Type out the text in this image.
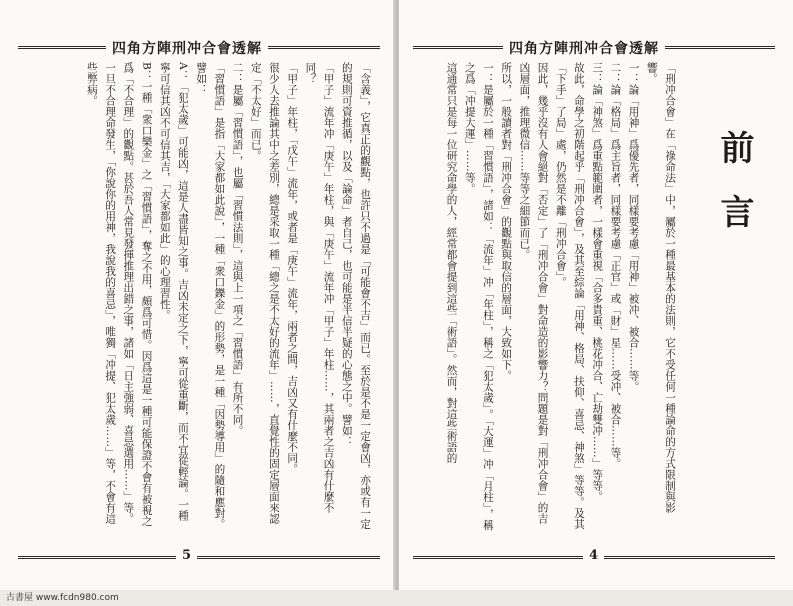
四角方陣刑冲合會透解

「含義」，它真正的觀點，也許只不過是「可能會不吉」而已。至於是不是一定會凶，亦或有一定的規則可資推循，以及「論命」者自己，也可能是半信半疑的心態之中。譬如：

「甲子」流年冲「庚午」年柱，與「庚午」流年冲「甲子」年柱……，其兩者之吉凶有什麼不同？

「甲子」年柱，「戊午」流年，或者是「庚午」流年，兩者之間，吉凶又有什麼不同。

很少人去推論其中之差別，總是采取一種「總之是不太好的流年」……，直覺性的固定層面來認定「不太好」而已。

二：是屬「習慣語」，也屬「習慣法則」，這與上一項之「習慣語」有所不同。

「習慣語」是指「大家都如此說」，一種「衆口鑠金」的形勢，是一種「因勢導用」的隨和應對。譬如：

A：「犯太歲」可能凶，這是人盡皆知之事。吉凶未定之下，寧可從重斷，而不宜從輕論。一種寧可信其凶不可信其吉，「大家都如此」的心理習性。

B：一種「衆口樂金」之「習慣語」，奪之不用，頗爲可惜。因爲這是一種可能保證不會有被視之爲「不合理」的觀點。甚於吾人常見發揮推理出錯之事，諸如「日主強弱、喜忌選用……」等。一旦不合理命發生，「你說你的用神，我說我的喜忌」，唯獨「冲提、犯太歲……」等，不會有這些弊病。

5
四角方陣刑冲合會透解
前言

「刑冲合會」在「祿命法」中，屬於一種最基本的法則，它不受任何一種論命的方式限制與影響。

一：論「用神」爲優先者，同樣要考慮「用神」被冲、被合……等。

二：論「格局」爲主旨者，同樣要考慮「正官」或「財」星……受冲、被合……等。

三：論「神煞」爲重點範圍者，一樣會重視「合多貴重、桃花冲合、亡劫雙冲……」等等。

故此，命學之初階起乎「刑冲合會」，及其至綜論「用神、格局、扶仰、喜忌、神煞」等等。及其「下手」了局」處，仍然是不離「刑冲合會」。

因此，幾乎沒有人會絕對「否定」了「刑冲合會」對命造的影響力？問題是對「刑冲合會」的吉凶層面，推理微信……等等之細節而已。

所以，一般讀者對「刑冲合會」的觀點與取信的層面，大致如下。

一：是屬於一種「習慣語」，諸如：「流年」冲「年柱」，稱之「犯太歲」。「大運」冲「月柱」，稱之爲「冲提大運」……等。

這通常只是每一位研究命學的人，經常都會提到這些「術語」。然而，對這些術語的

4
古書屋 www.fcdn980.com
